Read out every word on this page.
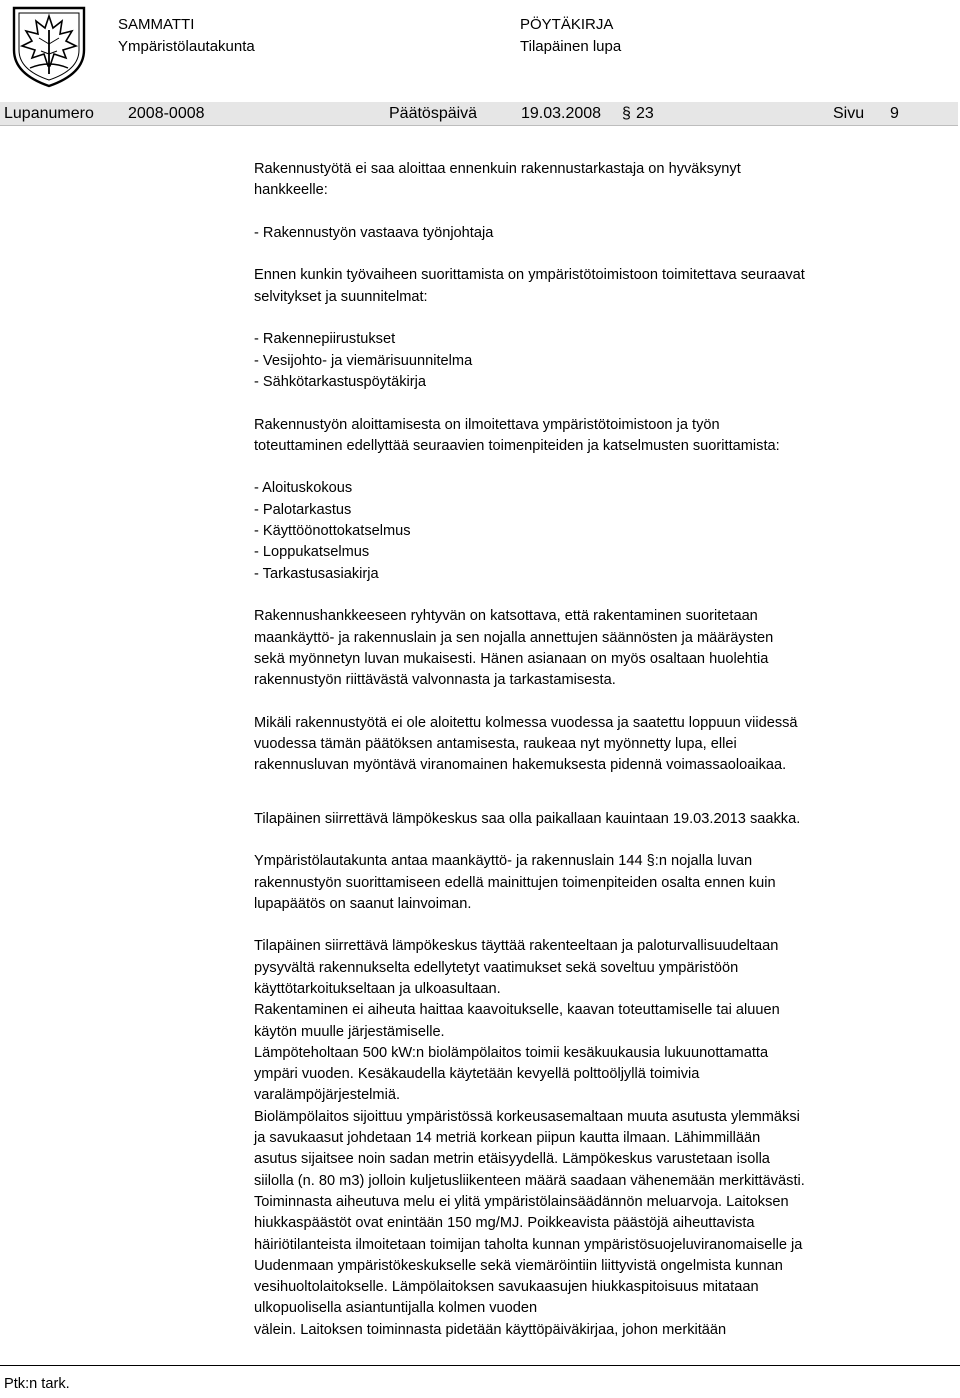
SAMMATTI
Ympäristölautakunta
PÖYTÄKIRJA
Tilapäinen lupa
Lupanumero 2008-0008	Päätöspäivä	19.03.2008 § 23	Sivu 9

Rakennustyötä ei saa aloittaa ennenkuin rakennustarkastaja on hyväksynyt
hankkeelle:

- Rakennustyön vastaava työnjohtaja

Ennen kunkin työvaiheen suorittamista on ympäristötoimistoon toimitettava seuraavat
selvitykset ja suunnitelmat:

- Rakennepiirustukset
- Vesijohto- ja viemärisuunnitelma
- Sähkötarkastuspöytäkirja

Rakennustyön aloittamisesta on ilmoitettava ympäristötoimistoon ja työn
toteuttaminen edellyttää seuraavien toimenpiteiden ja katselmusten suorittamista:

- Aloituskokous
- Palotarkastus
- Käyttöönottokatselmus
- Loppukatselmus
- Tarkastusasiakirja

Rakennushankkeeseen ryhtyvän on katsottava, että rakentaminen suoritetaan
maankäyttö- ja rakennuslain ja sen nojalla annettujen säännösten ja määräysten
sekä myönnetyn luvan mukaisesti. Hänen asianaan on myös osaltaan huolehtia
rakennustyön riittävästä valvonnasta ja tarkastamisesta.

Mikäli rakennustyötä ei ole aloitettu kolmessa vuodessa ja saatettu loppuun viidessä
vuodessa tämän päätöksen antamisesta, raukeaa nyt myönnetty lupa, ellei
rakennusluvan myöntävä viranomainen hakemuksesta pidennä voimassaoloaikaa.

Tilapäinen siirrettävä lämpökeskus saa olla paikallaan kauintaan 19.03.2013 saakka.

Ympäristölautakunta antaa maankäyttö- ja rakennuslain 144 §:n nojalla luvan
rakennustyön suorittamiseen edellä mainittujen toimenpiteiden osalta ennen kuin
lupapäätös on saanut lainvoiman.

Tilapäinen siirrettävä lämpökeskus täyttää rakenteeltaan ja paloturvallisuudeltaan
pysyvältä rakennukselta edellytetyt vaatimukset sekä soveltuu ympäristöön
käyttötarkoitukseltaan ja ulkoasultaan.
Rakentaminen ei aiheuta haittaa kaavoitukselle, kaavan toteuttamiselle tai aluuen
käytön muulle järjestämiselle.
Lämpöteholtaan 500 kW:n biolämpölaitos toimii kesäkuukausia lukuunottamatta
ympäri vuoden. Kesäkaudella käytetään kevyellä polttoöljyllä toimivia
varalämpöjärjestelmiä.
Biolämpölaitos sijoittuu ympäristössä korkeusasemaltaan muuta asutusta ylemmäksi
ja savukaasut johdetaan 14 metriä korkean piipun kautta ilmaan. Lähimmillään
asutus sijaitsee noin sadan metrin etäisyydellä. Lämpökeskus varustetaan isolla
siilolla (n. 80 m3) jolloin kuljetusliikenteen määrä saadaan vähenemään merkittävästi.
Toiminnasta aiheutuva melu ei ylitä ympäristölainsäädännön meluarvoja. Laitoksen
hiukkaspäästöt ovat enintään 150 mg/MJ. Poikkeavista päästöjä aiheuttavista
häiriötilanteista ilmoitetaan toimijan taholta kunnan ympäristösuojeluviranomaiselle ja
Uudenmaan ympäristökeskukselle sekä viemäröintiin liittyvistä ongelmista kunnan
vesihuoltolaitokselle. Lämpölaitoksen savukaasujen hiukkaspitoisuus mitataan
ulkopuolisella asiantuntijalla kolmen vuoden
välein. Laitoksen toiminnasta pidetään käyttöpäiväkirjaa, johon merkitään

Ptk:n tark.
